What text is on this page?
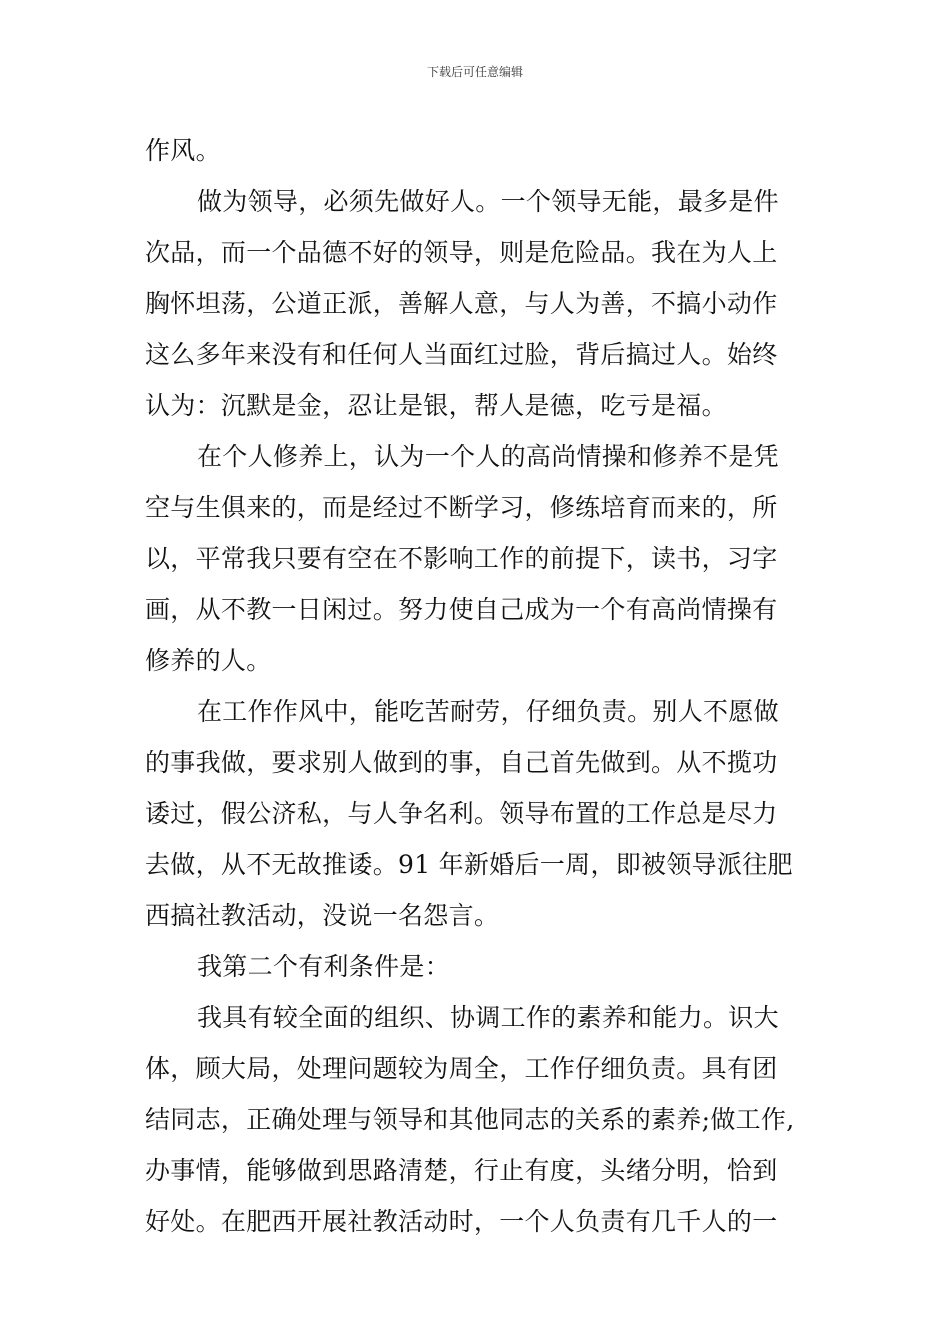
下载后可任意编辑
作风。
做为领导，必须先做好人。一个领导无能，最多是件
次品，而一个品德不好的领导，则是危险品。我在为人上
胸怀坦荡，公道正派，善解人意，与人为善，不搞小动作
这么多年来没有和任何人当面红过脸，背后搞过人。始终
认为：沉默是金，忍让是银，帮人是德，吃亏是福。
在个人修养上，认为一个人的高尚情操和修养不是凭
空与生俱来的，而是经过不断学习，修练培育而来的，所
以，平常我只要有空在不影响工作的前提下，读书，习字
画，从不教一日闲过。努力使自己成为一个有高尚情操有
修养的人。
在工作作风中，能吃苦耐劳，仔细负责。别人不愿做
的事我做，要求别人做到的事，自己首先做到。从不揽功
诿过，假公济私，与人争名利。领导布置的工作总是尽力
去做，从不无故推诿。91 年新婚后一周，即被领导派往肥
西搞社教活动，没说一名怨言。
我第二个有利条件是：
我具有较全面的组织、协调工作的素养和能力。识大
体，顾大局，处理问题较为周全，工作仔细负责。具有团
结同志，正确处理与领导和其他同志的关系的素养;做工作,
办事情，能够做到思路清楚，行止有度，头绪分明，恰到
好处。在肥西开展社教活动时，一个人负责有几千人的一
